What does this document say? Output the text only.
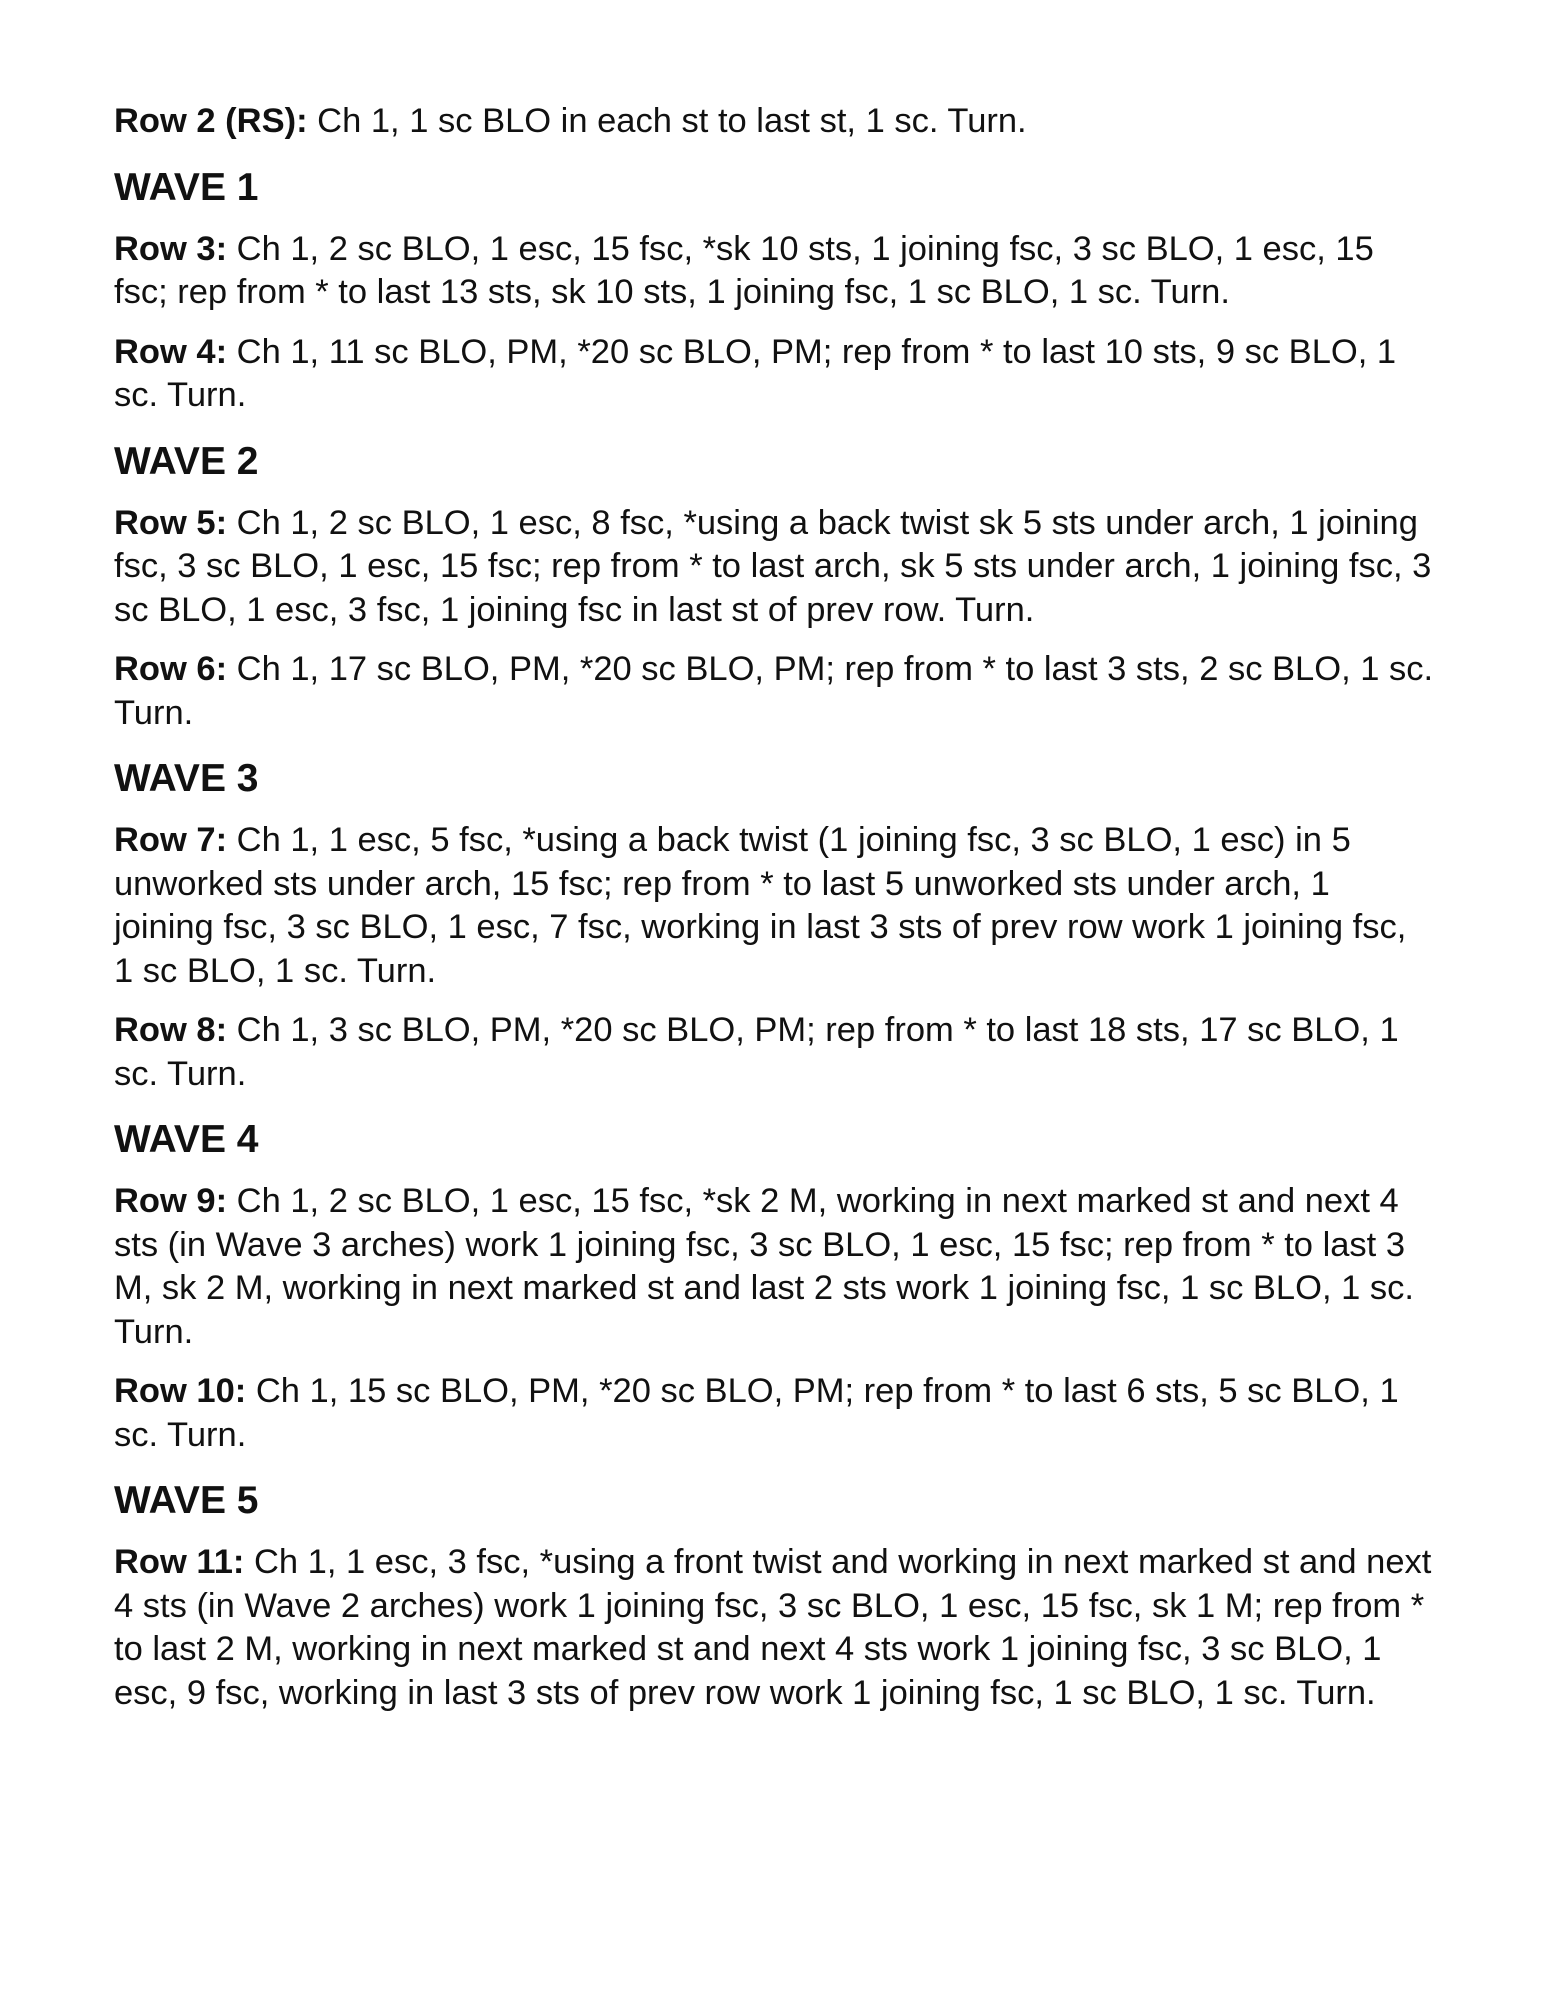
Row 2 (RS): Ch 1, 1 sc BLO in each st to last st, 1 sc. Turn.

WAVE 1

Row 3: Ch 1, 2 sc BLO, 1 esc, 15 fsc, *sk 10 sts, 1 joining fsc, 3 sc BLO, 1 esc, 15 fsc; rep from * to last 13 sts, sk 10 sts, 1 joining fsc, 1 sc BLO, 1 sc. Turn.

Row 4: Ch 1, 11 sc BLO, PM, *20 sc BLO, PM; rep from * to last 10 sts, 9 sc BLO, 1 sc. Turn.

WAVE 2

Row 5: Ch 1, 2 sc BLO, 1 esc, 8 fsc, *using a back twist sk 5 sts under arch, 1 joining fsc, 3 sc BLO, 1 esc, 15 fsc; rep from * to last arch, sk 5 sts under arch, 1 joining fsc, 3 sc BLO, 1 esc, 3 fsc, 1 joining fsc in last st of prev row. Turn.

Row 6: Ch 1, 17 sc BLO, PM, *20 sc BLO, PM; rep from * to last 3 sts, 2 sc BLO, 1 sc. Turn.

WAVE 3

Row 7: Ch 1, 1 esc, 5 fsc, *using a back twist (1 joining fsc, 3 sc BLO, 1 esc) in 5 unworked sts under arch, 15 fsc; rep from * to last 5 unworked sts under arch, 1 joining fsc, 3 sc BLO, 1 esc, 7 fsc, working in last 3 sts of prev row work 1 joining fsc, 1 sc BLO, 1 sc. Turn.

Row 8: Ch 1, 3 sc BLO, PM, *20 sc BLO, PM; rep from * to last 18 sts, 17 sc BLO, 1 sc. Turn.

WAVE 4

Row 9: Ch 1, 2 sc BLO, 1 esc, 15 fsc, *sk 2 M, working in next marked st and next 4 sts (in Wave 3 arches) work 1 joining fsc, 3 sc BLO, 1 esc, 15 fsc; rep from * to last 3 M, sk 2 M, working in next marked st and last 2 sts work 1 joining fsc, 1 sc BLO, 1 sc. Turn.

Row 10: Ch 1, 15 sc BLO, PM, *20 sc BLO, PM; rep from * to last 6 sts, 5 sc BLO, 1 sc. Turn.

WAVE 5

Row 11: Ch 1, 1 esc, 3 fsc, *using a front twist and working in next marked st and next 4 sts (in Wave 2 arches) work 1 joining fsc, 3 sc BLO, 1 esc, 15 fsc, sk 1 M; rep from * to last 2 M, working in next marked st and next 4 sts work 1 joining fsc, 3 sc BLO, 1 esc, 9 fsc, working in last 3 sts of prev row work 1 joining fsc, 1 sc BLO, 1 sc. Turn.
